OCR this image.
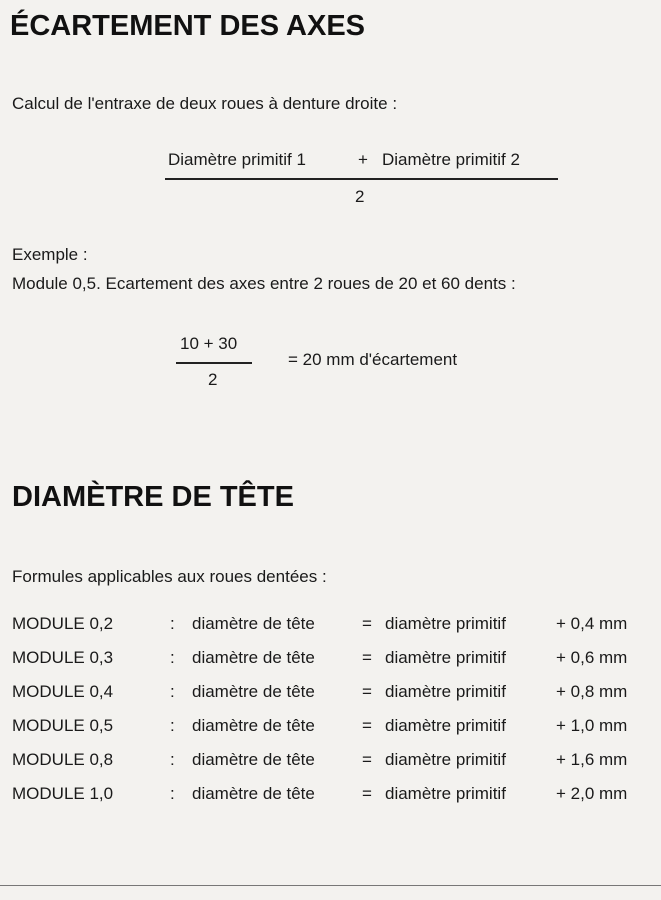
ÉCARTEMENT DES AXES
Calcul de l'entraxe de deux roues à denture droite :
Diamètre primitif 1	+ Diamètre primitif 2
2
Exemple :
Module 0,5. Ecartement des axes entre 2 roues de 20 et 60 dents :
10 + 30
= 20 mm d'écartement
2
DIAMÈTRE DE TÊTE
Formules applicables aux roues dentées :
MODULE 0,2	: diamètre de tête	= diamètre primitif	+ 0,4 mm
MODULE 0,3	: diamètre de tête	= diamètre primitif	+ 0,6 mm
MODULE 0,4	: diamètre de tête	= diamètre primitif	+ 0,8 mm
MODULE 0,5	: diamètre de tête	= diamètre primitif	+ 1,0 mm
MODULE 0,8	: diamètre de tête	= diamètre primitif	+ 1,6 mm
MODULE 1,0	: diamètre de tête	= diamètre primitif	+ 2,0 mm
